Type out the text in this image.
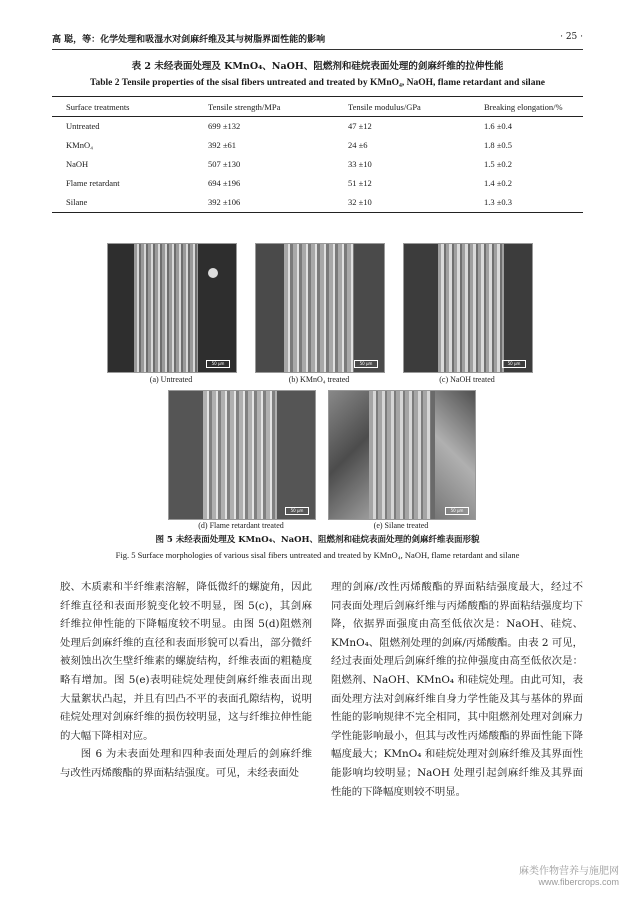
高 聪，等：化学处理和吸湿水对剑麻纤维及其与树脂界面性能的影响	· 25 ·
表 2 未经表面处理及 KMnO₄、NaOH、阻燃剂和硅烷表面处理的剑麻纤维的拉伸性能
Table 2 Tensile properties of the sisal fibers untreated and treated by KMnO₄, NaOH, flame retardant and silane
Surface treatments	Tensile strength/MPa	Tensile modulus/GPa	Breaking elongation/%
Untreated	699 ±132	47 ±12	1.6 ±0.4
KMnO₄	392 ±61	24 ±6	1.8 ±0.5
NaOH	507 ±130	33 ±10	1.5 ±0.2
Flame retardant	694 ±196	51 ±12	1.4 ±0.2
Silane	392 ±106	32 ±10	1.3 ±0.3
50 μm	50 μm	50 μm
(a) Untreated	(b) KMnO₄ treated	(c) NaOH treated
50 μm	50 μm
(d) Flame retardant treated	(e) Silane treated
图 5 未经表面处理及 KMnO₄、NaOH、阻燃剂和硅烷表面处理的剑麻纤维表面形貌
Fig. 5 Surface morphologies of various sisal fibers untreated and treated by KMnO₄, NaOH, flame retardant and silane

胶、木质素和半纤维素溶解，降低微纤的螺旋角，因此纤维直径和表面形貌变化较不明显，图 5(c)，其剑麻纤维拉伸性能的下降幅度较不明显。由图 5(d)阻燃剂处理后剑麻纤维的直径和表面形貌可以看出，部分微纤被刻蚀出次生壁纤维素的螺旋结构，纤维表面的粗糙度略有增加。图 5(e)表明硅烷处理使剑麻纤维表面出现大量絮状凸起，并且有凹凸不平的表面孔隙结构，说明硅烷处理对剑麻纤维的损伤较明显，这与纤维拉伸性能的大幅下降相对应。

图 6 为未表面处理和四种表面处理后的剑麻纤维与改性丙烯酸酯的界面粘结强度。可见，未经表面处

理的剑麻/改性丙烯酸酯的界面粘结强度最大，经过不同表面处理后剑麻纤维与丙烯酸酯的界面粘结强度均下降，依据界面强度由高至低依次是：NaOH、硅烷、KMnO₄、阻燃剂处理的剑麻/丙烯酸酯。由表 2 可见，经过表面处理后剑麻纤维的拉伸强度由高至低依次是：阻燃剂、NaOH、KMnO₄ 和硅烷处理。由此可知，表面处理方法对剑麻纤维自身力学性能及其与基体的界面性能的影响规律不完全相同，其中阻燃剂处理对剑麻力学性能影响最小，但其与改性丙烯酸酯的界面性能下降幅度最大；KMnO₄ 和硅烷处理对剑麻纤维及其界面性能影响均较明显；NaOH 处理引起剑麻纤维及其界面性能的下降幅度则较不明显。

麻类作物营养与施肥网
www.fibercrops.com
